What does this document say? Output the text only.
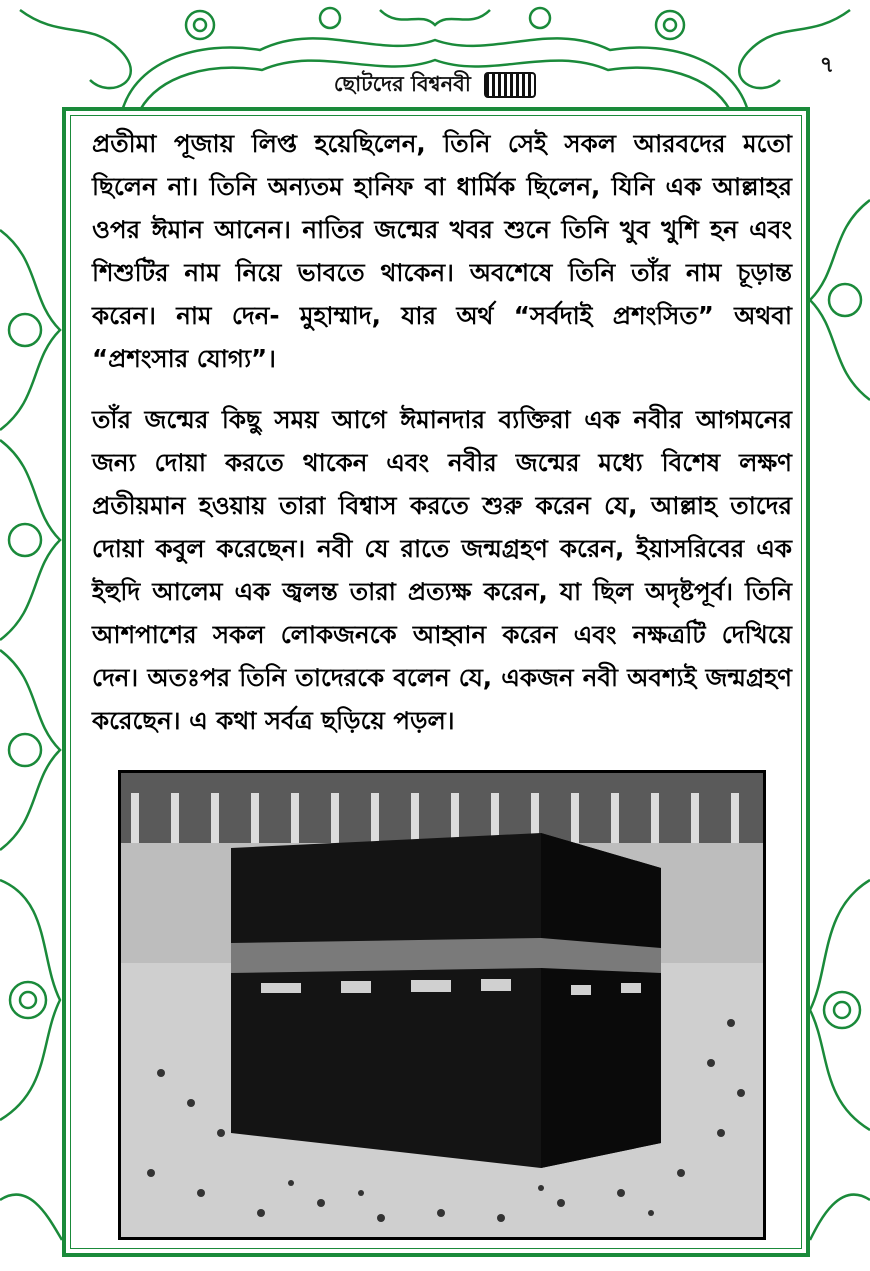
ছোটদের বিশ্বনবী
৭

প্রতীমা পূজায় লিপ্ত হয়েছিলেন, তিনি সেই সকল আরবদের মতো ছিলেন না। তিনি অন্যতম হানিফ বা ধার্মিক ছিলেন, যিনি এক আল্লাহর ওপর ঈমান আনেন। নাতির জন্মের খবর শুনে তিনি খুব খুশি হন এবং শিশুটির নাম নিয়ে ভাবতে থাকেন। অবশেষে তিনি তাঁর নাম চূড়ান্ত করেন। নাম দেন- মুহাম্মাদ, যার অর্থ “সর্বদাই প্রশংসিত” অথবা “প্রশংসার যোগ্য”।

তাঁর জন্মের কিছু সময় আগে ঈমানদার ব্যক্তিরা এক নবীর আগমনের জন্য দোয়া করতে থাকেন এবং নবীর জন্মের মধ্যে বিশেষ লক্ষণ প্রতীয়মান হওয়ায় তারা বিশ্বাস করতে শুরু করেন যে, আল্লাহ তাদের দোয়া কবুল করেছেন। নবী যে রাতে জন্মগ্রহণ করেন, ইয়াসরিবের এক ইহুদি আলেম এক জ্বলন্ত তারা প্রত্যক্ষ করেন, যা ছিল অদৃষ্টপূর্ব। তিনি আশপাশের সকল লোকজনকে আহ্বান করেন এবং নক্ষত্রটি দেখিয়ে দেন। অতঃপর তিনি তাদেরকে বলেন যে, একজন নবী অবশ্যই জন্মগ্রহণ করেছেন। এ কথা সর্বত্র ছড়িয়ে পড়ল।
